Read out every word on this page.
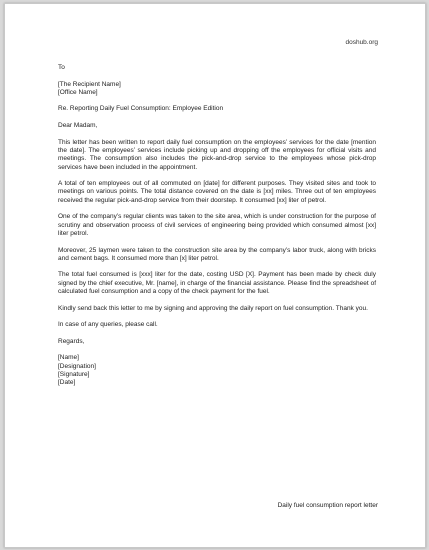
doshub.org

To

[The Recipient Name]
[Office Name]

Re. Reporting Daily Fuel Consumption: Employee Edition

Dear Madam,

This letter has been written to report daily fuel consumption on the employees’ services for the date [mention the date]. The employees’ services include picking up and dropping off the employees for official visits and meetings. The consumption also includes the pick-and-drop service to the employees whose pick-drop services have been included in the appointment.

A total of ten employees out of all commuted on [date] for different purposes. They visited sites and took to meetings on various points. The total distance covered on the date is [xx] miles. Three out of ten employees received the regular pick-and-drop service from their doorstep. It consumed [xx] liter of petrol.

One of the company’s regular clients was taken to the site area, which is under construction for the purpose of scrutiny and observation process of civil services of engineering being provided which consumed almost [xx] liter petrol.

Moreover, 25 laymen were taken to the construction site area by the company’s labor truck, along with bricks and cement bags. It consumed more than [x] liter petrol.

The total fuel consumed is [xxx] liter for the date, costing USD [X]. Payment has been made by check duly signed by the chief executive, Mr. [name], in charge of the financial assistance. Please find the spreadsheet of calculated fuel consumption and a copy of the check payment for the fuel.

Kindly send back this letter to me by signing and approving the daily report on fuel consumption. Thank you.

In case of any queries, please call.

Regards,

[Name]
[Designation]
[Signature]
[Date]

Daily fuel consumption report letter
